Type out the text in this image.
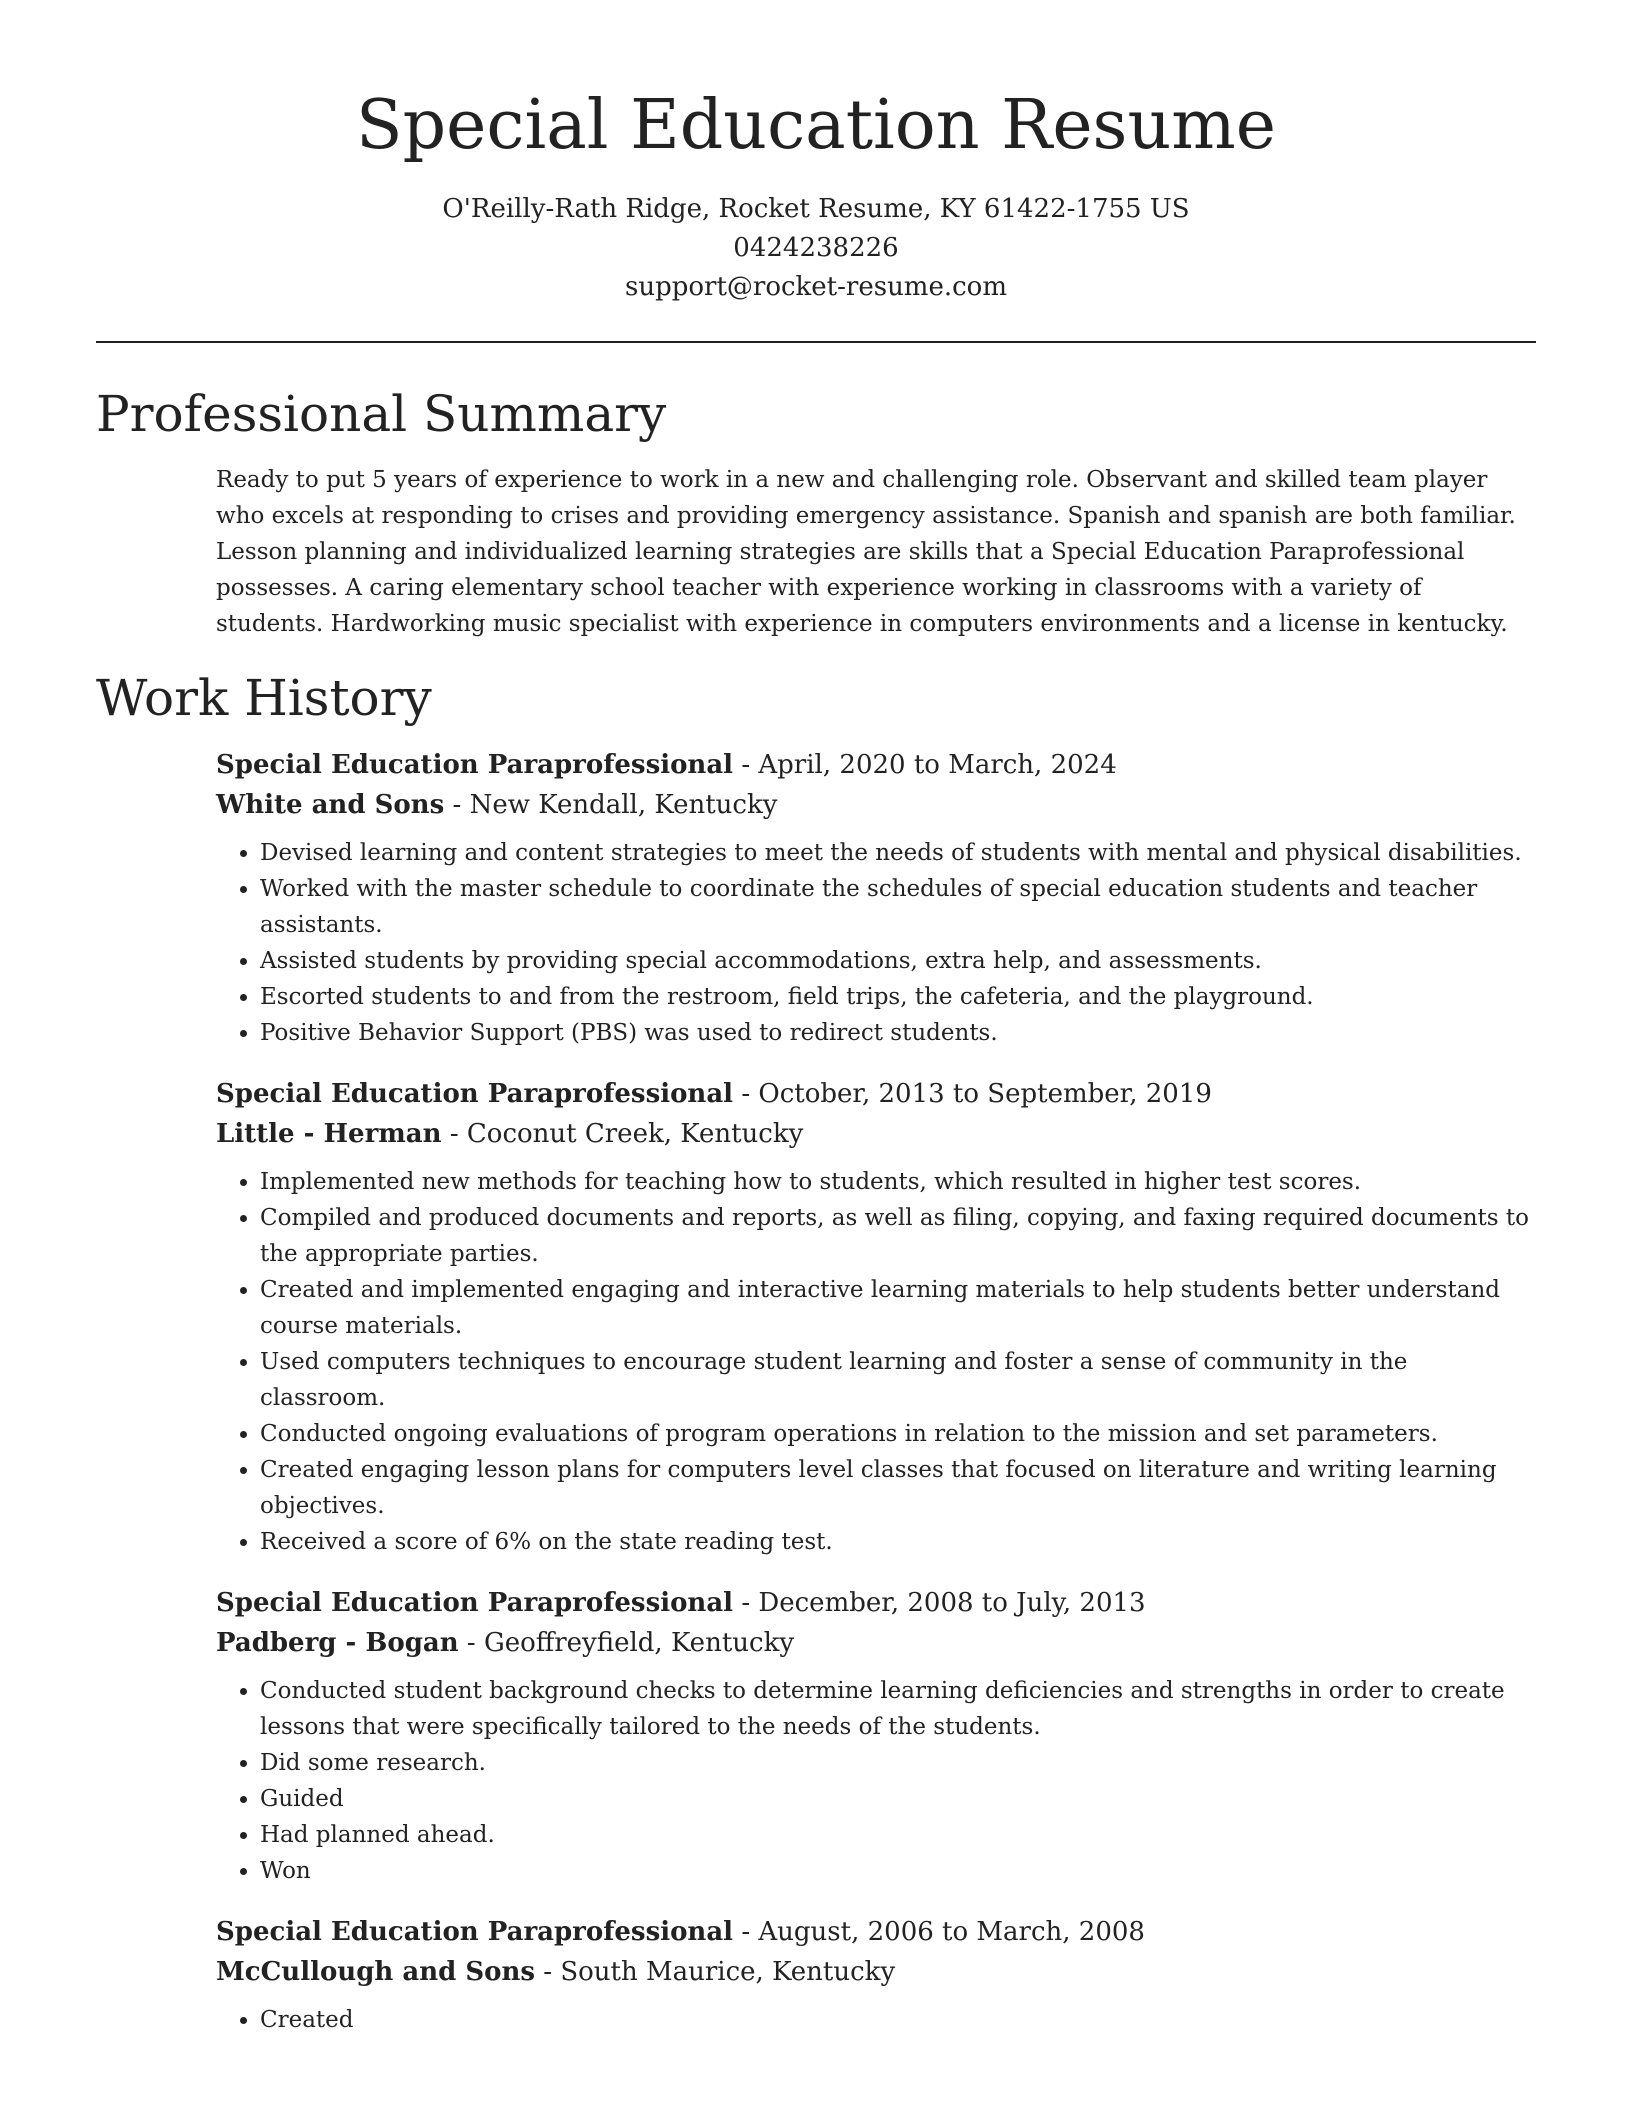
Special Education Resume
O'Reilly-Rath Ridge, Rocket Resume, KY 61422-1755 US
0424238226
support@rocket-resume.com
Professional Summary

Ready to put 5 years of experience to work in a new and challenging role. Observant and skilled team player who excels at responding to crises and providing emergency assistance. Spanish and spanish are both familiar. Lesson planning and individualized learning strategies are skills that a Special Education Paraprofessional possesses. A caring elementary school teacher with experience working in classrooms with a variety of students. Hardworking music specialist with experience in computers environments and a license in kentucky.

Work History
Special Education Paraprofessional - April, 2020 to March, 2024
White and Sons - New Kendall, Kentucky
• Devised learning and content strategies to meet the needs of students with mental and physical disabilities.
• Worked with the master schedule to coordinate the schedules of special education students and teacher assistants.
• Assisted students by providing special accommodations, extra help, and assessments.
• Escorted students to and from the restroom, field trips, the cafeteria, and the playground.
• Positive Behavior Support (PBS) was used to redirect students.
Special Education Paraprofessional - October, 2013 to September, 2019
Little - Herman - Coconut Creek, Kentucky
• Implemented new methods for teaching how to students, which resulted in higher test scores.
• Compiled and produced documents and reports, as well as filing, copying, and faxing required documents to the appropriate parties.
• Created and implemented engaging and interactive learning materials to help students better understand course materials.
• Used computers techniques to encourage student learning and foster a sense of community in the classroom.
• Conducted ongoing evaluations of program operations in relation to the mission and set parameters.
• Created engaging lesson plans for computers level classes that focused on literature and writing learning objectives.
• Received a score of 6% on the state reading test.
Special Education Paraprofessional - December, 2008 to July, 2013
Padberg - Bogan - Geoffreyfield, Kentucky
• Conducted student background checks to determine learning deficiencies and strengths in order to create lessons that were specifically tailored to the needs of the students.
• Did some research.
• Guided
• Had planned ahead.
• Won
Special Education Paraprofessional - August, 2006 to March, 2008
McCullough and Sons - South Maurice, Kentucky
• Created
